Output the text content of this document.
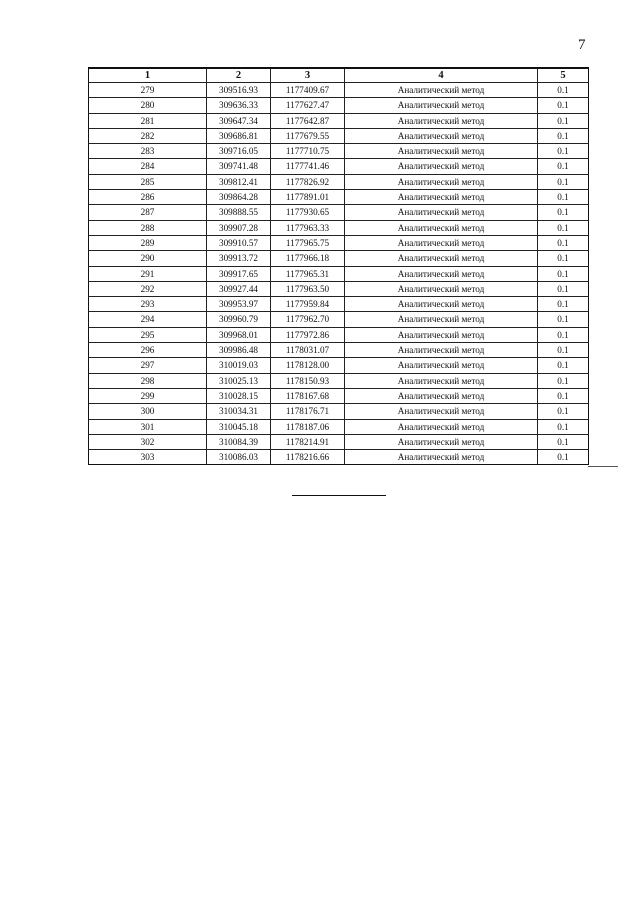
7
1	2	3	4	5
279	309516.93	1177409.67	Аналитический метод	0.1
280	309636.33	1177627.47	Аналитический метод	0.1
281	309647.34	1177642.87	Аналитический метод	0.1
282	309686.81	1177679.55	Аналитический метод	0.1
283	309716.05	1177710.75	Аналитический метод	0.1
284	309741.48	1177741.46	Аналитический метод	0.1
285	309812.41	1177826.92	Аналитический метод	0.1
286	309864.28	1177891.01	Аналитический метод	0.1
287	309888.55	1177930.65	Аналитический метод	0.1
288	309907.28	1177963.33	Аналитический метод	0.1
289	309910.57	1177965.75	Аналитический метод	0.1
290	309913.72	1177966.18	Аналитический метод	0.1
291	309917.65	1177965.31	Аналитический метод	0.1
292	309927.44	1177963.50	Аналитический метод	0.1
293	309953.97	1177959.84	Аналитический метод	0.1
294	309960.79	1177962.70	Аналитический метод	0.1
295	309968.01	1177972.86	Аналитический метод	0.1
296	309986.48	1178031.07	Аналитический метод	0.1
297	310019.03	1178128.00	Аналитический метод	0.1
298	310025.13	1178150.93	Аналитический метод	0.1
299	310028.15	1178167.68	Аналитический метод	0.1
300	310034.31	1178176.71	Аналитический метод	0.1
301	310045.18	1178187.06	Аналитический метод	0.1
302	310084.39	1178214.91	Аналитический метод	0.1
303	310086.03	1178216.66	Аналитический метод	0.1
